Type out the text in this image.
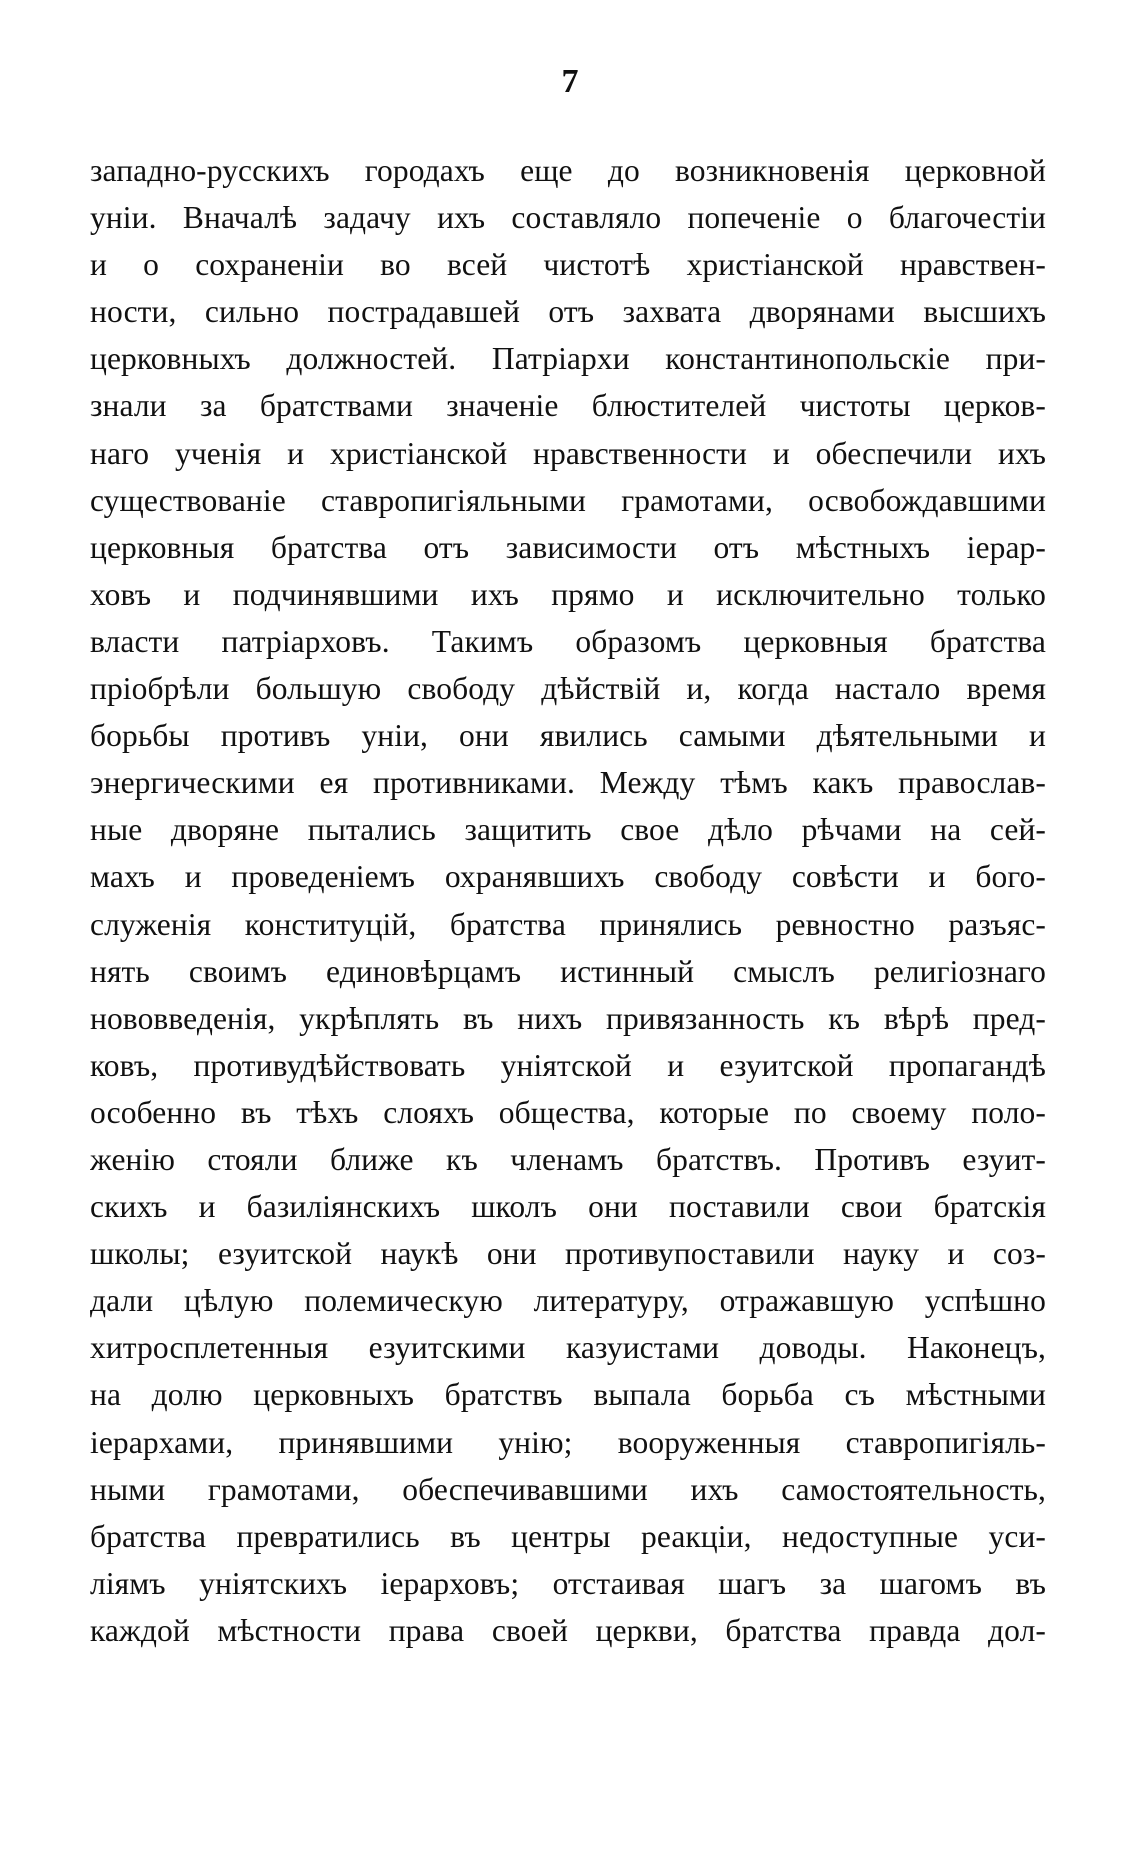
7
западно-русскихъ городахъ еще до возникновенія церковной
уніи. Вначалѣ задачу ихъ составляло попеченіе о благочестіи
и о сохраненіи во всей чистотѣ христіанской нравствен-
ности, сильно пострадавшей отъ захвата дворянами высшихъ
церковныхъ должностей. Патріархи константинопольскіе при-
знали за братствами значеніе блюстителей чистоты церков-
наго ученія и христіанской нравственности и обеспечили ихъ
существованіе ставропигіяльными грамотами, освобождавшими
церковныя братства отъ зависимости отъ мѣстныхъ іерар-
ховъ и подчинявшими ихъ прямо и исключительно только
власти патріарховъ. Такимъ образомъ церковныя братства
пріобрѣли большую свободу дѣйствій и, когда настало время
борьбы противъ уніи, они явились самыми дѣятельными и
энергическими ея противниками. Между тѣмъ какъ православ-
ные дворяне пытались защитить свое дѣло рѣчами на сей-
махъ и проведеніемъ охранявшихъ свободу совѣсти и бого-
служенія конституцій, братства принялись ревностно разъяс-
нять своимъ единовѣрцамъ истинный смыслъ религіознаго
нововведенія, укрѣплять въ нихъ привязанность къ вѣрѣ пред-
ковъ, противудѣйствовать уніятской и езуитской пропагандѣ
особенно въ тѣхъ слояхъ общества, которые по своему поло-
женію стояли ближе къ членамъ братствъ. Противъ езуит-
скихъ и базиліянскихъ школъ они поставили свои братскія
школы; езуитской наукѣ они противупоставили науку и соз-
дали цѣлую полемическую литературу, отражавшую успѣшно
хитросплетенныя езуитскими казуистами доводы. Наконецъ,
на долю церковныхъ братствъ выпала борьба съ мѣстными
іерархами, принявшими унію; вооруженныя ставропигіяль-
ными грамотами, обеспечивавшими ихъ самостоятельность,
братства превратились въ центры реакціи, недоступные уси-
ліямъ уніятскихъ іерарховъ; отстаивая шагъ за шагомъ въ
каждой мѣстности права своей церкви, братства правда дол-
